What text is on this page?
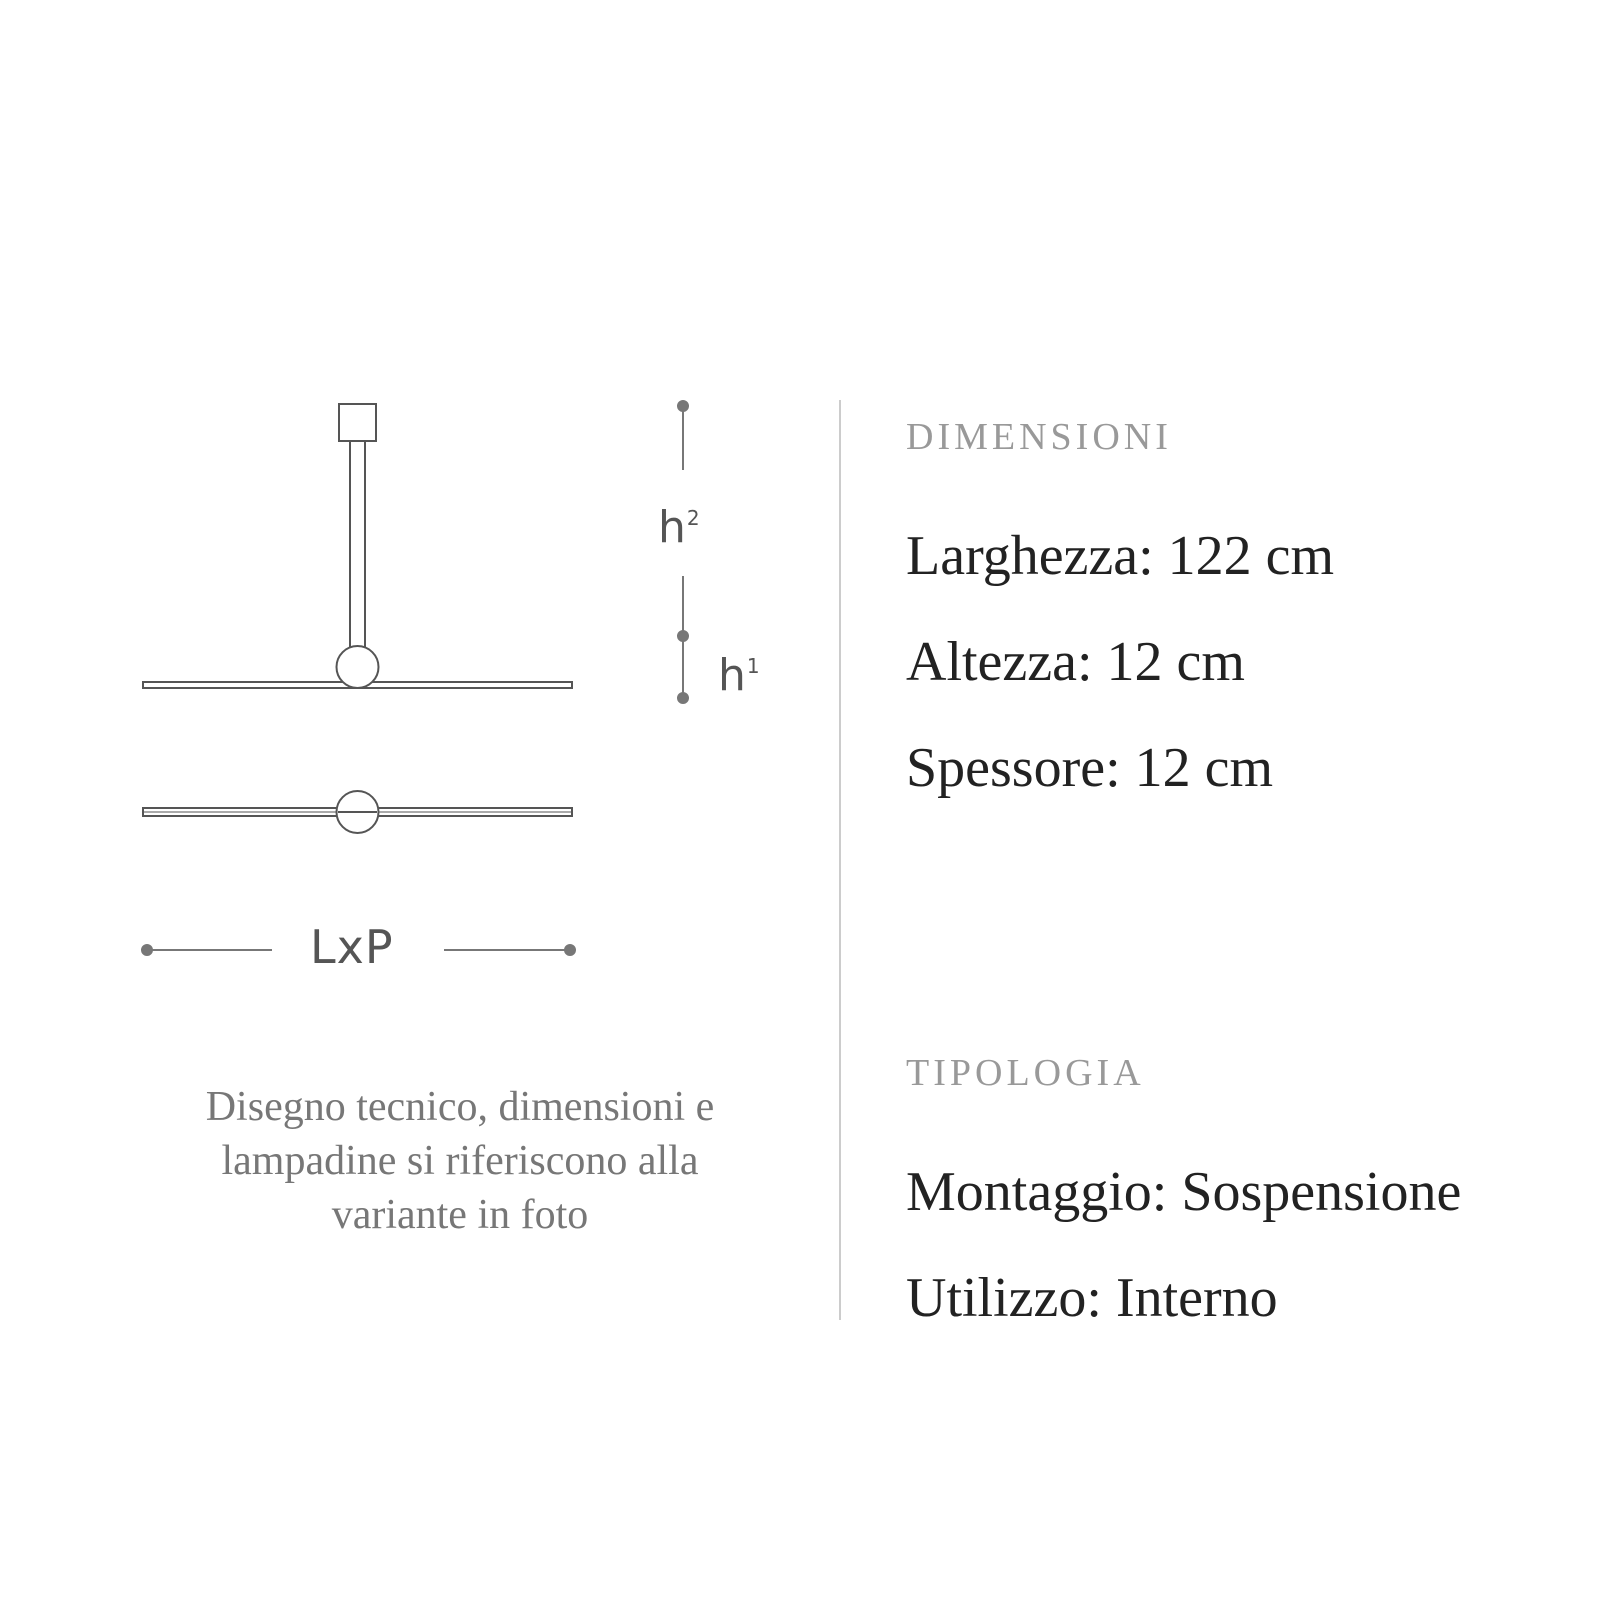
$h^2$
$h^1$
LxP
Disegno tecnico, dimensioni e
lampadine si riferiscono alla
variante in foto
DIMENSIONI
Larghezza: 122 cm
Altezza: 12 cm
Spessore: 12 cm
TIPOLOGIA
Montaggio: Sospensione
Utilizzo: Interno
